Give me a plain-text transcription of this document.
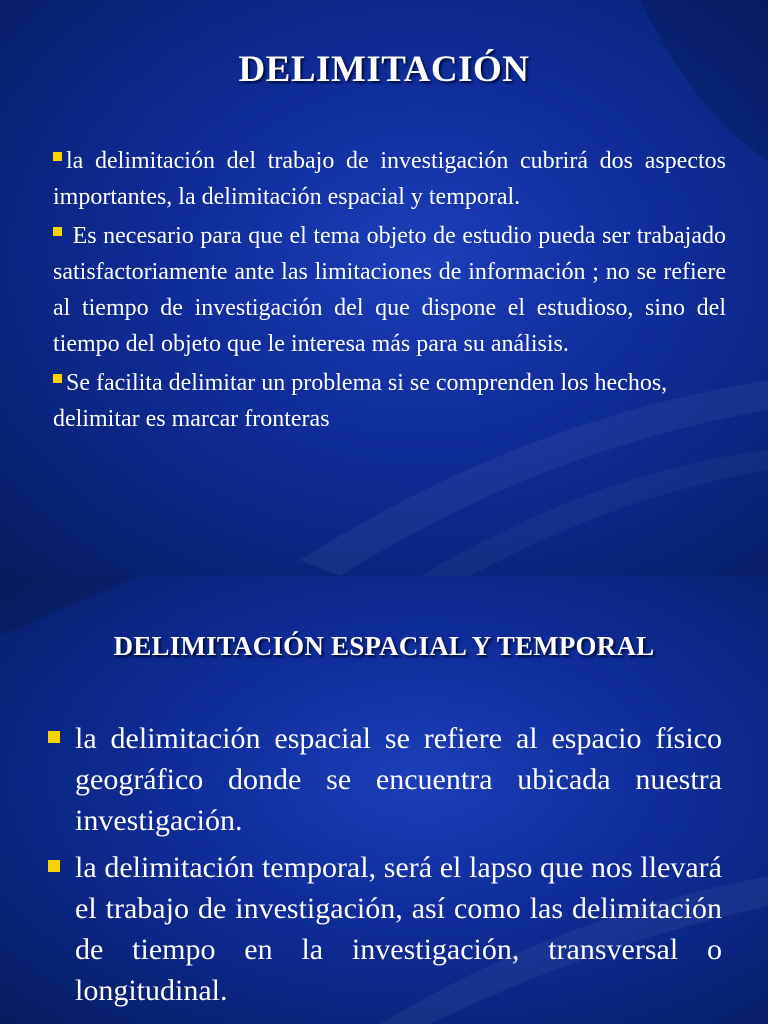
DELIMITACIÓN
la delimitación del trabajo de investigación cubrirá dos aspectos importantes, la delimitación espacial y temporal.
Es necesario para que el tema objeto de estudio pueda ser trabajado satisfactoriamente ante las limitaciones de información ; no se refiere al tiempo de investigación del que dispone el estudioso, sino del tiempo del objeto que le interesa más para su análisis.
Se facilita delimitar un problema si se comprenden los hechos, delimitar es marcar fronteras
DELIMITACIÓN ESPACIAL Y TEMPORAL
la delimitación espacial se refiere al espacio físico geográfico donde se encuentra ubicada nuestra investigación.
la delimitación temporal, será el lapso que nos llevará el trabajo de investigación, así como las delimitación de tiempo en la investigación, transversal o longitudinal.
